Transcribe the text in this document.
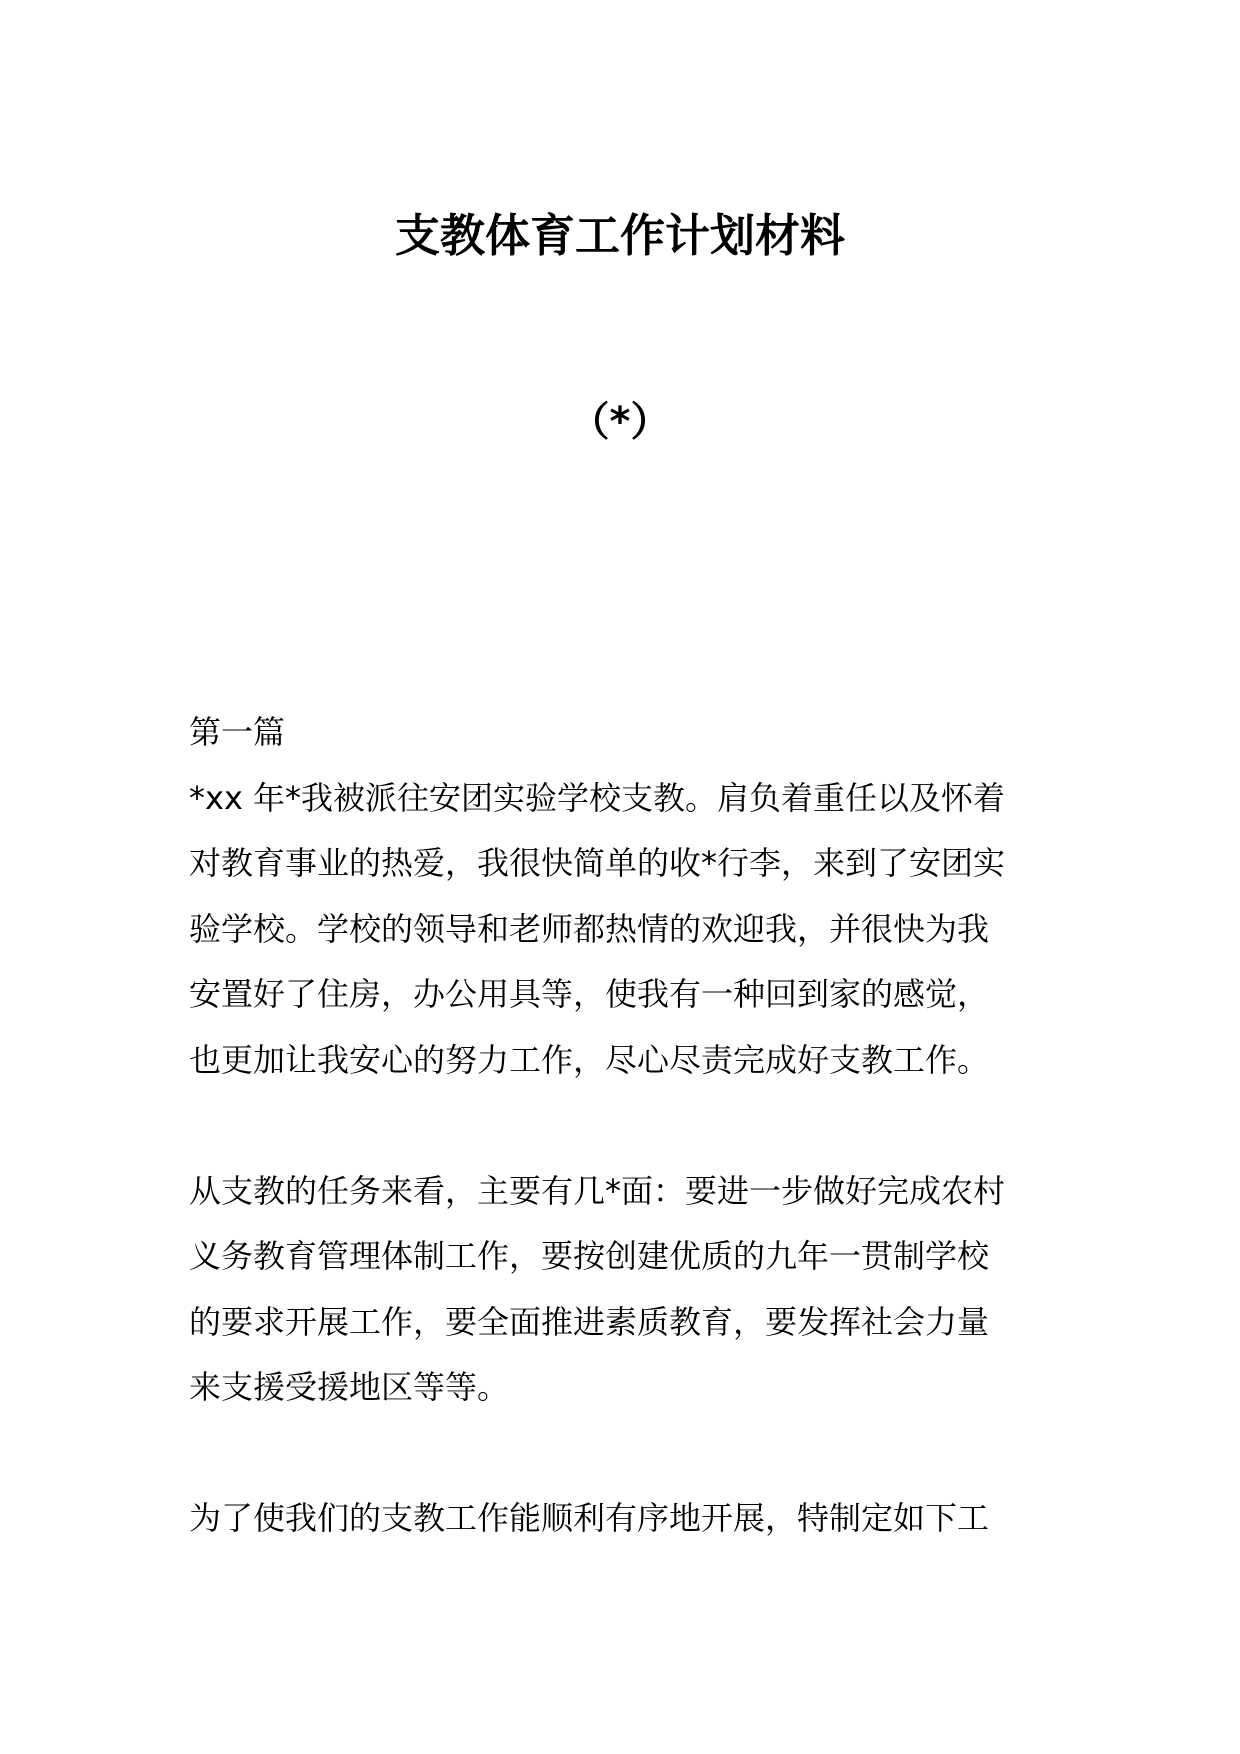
支教体育工作计划材料
（*）
第一篇
*xx 年*我被派往安团实验学校支教。肩负着重任以及怀着
对教育事业的热爱，我很快简单的收*行李，来到了安团实
验学校。学校的领导和老师都热情的欢迎我，并很快为我
安置好了住房，办公用具等，使我有一种回到家的感觉，
也更加让我安心的努力工作，尽心尽责完成好支教工作。
从支教的任务来看，主要有几*面：要进一步做好完成农村
义务教育管理体制工作，要按创建优质的九年一贯制学校
的要求开展工作，要全面推进素质教育，要发挥社会力量
来支援受援地区等等。
为了使我们的支教工作能顺利有序地开展，特制定如下工
